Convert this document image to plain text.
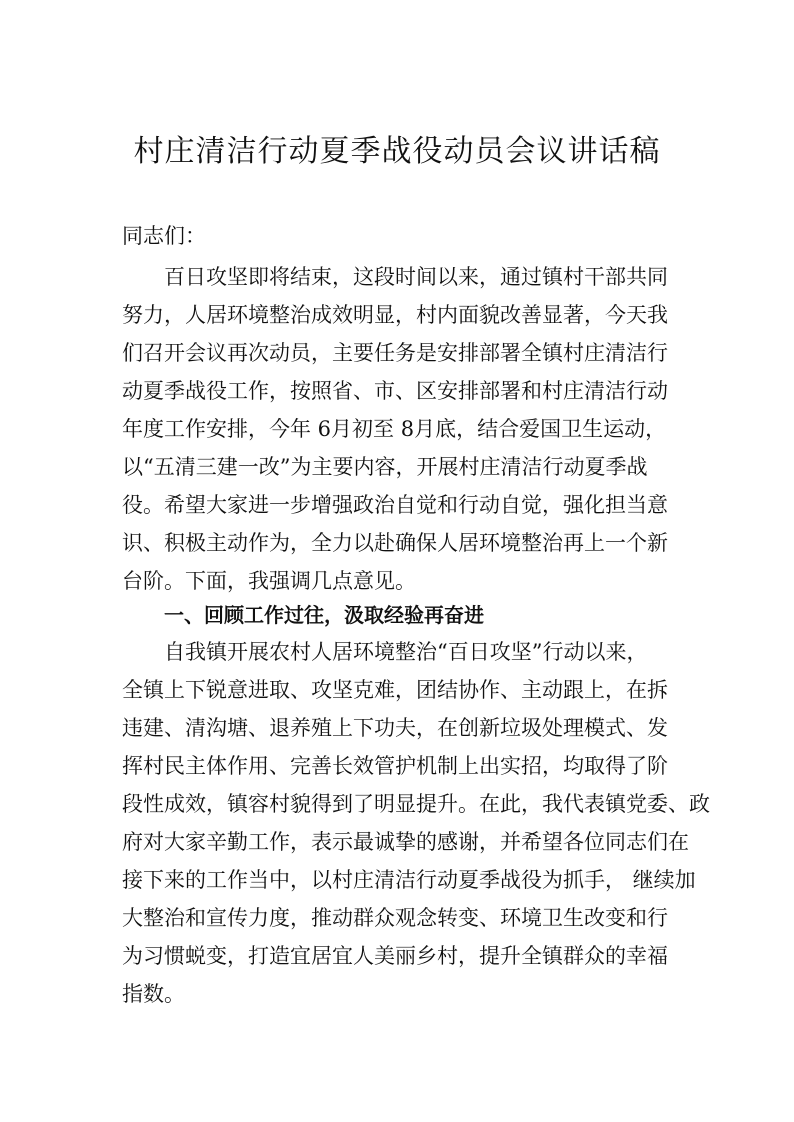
村庄清洁行动夏季战役动员会议讲话稿
同志们：
百日攻坚即将结束，这段时间以来，通过镇村干部共同
努力，人居环境整治成效明显，村内面貌改善显著，今天我
们召开会议再次动员，主要任务是安排部署全镇村庄清洁行
动夏季战役工作，按照省、市、区安排部署和村庄清洁行动
年度工作安排，今年 6月初至 8月底，结合爱国卫生运动，
以“五清三建一改”为主要内容，开展村庄清洁行动夏季战
役。希望大家进一步增强政治自觉和行动自觉，强化担当意
识、积极主动作为，全力以赴确保人居环境整治再上一个新
台阶。下面，我强调几点意见。
一、回顾工作过往，汲取经验再奋进
自我镇开展农村人居环境整治“百日攻坚”行动以来，
全镇上下锐意进取、攻坚克难，团结协作、主动跟上，在拆
违建、清沟塘、退养殖上下功夫，在创新垃圾处理模式、发
挥村民主体作用、完善长效管护机制上出实招，均取得了阶
段性成效，镇容村貌得到了明显提升。在此，我代表镇党委、政
府对大家辛勤工作，表示最诚挚的感谢，并希望各位同志们在
接下来的工作当中，以村庄清洁行动夏季战役为抓手， 继续加
大整治和宣传力度，推动群众观念转变、环境卫生改变和行
为习惯蜕变，打造宜居宜人美丽乡村，提升全镇群众的幸福
指数。
